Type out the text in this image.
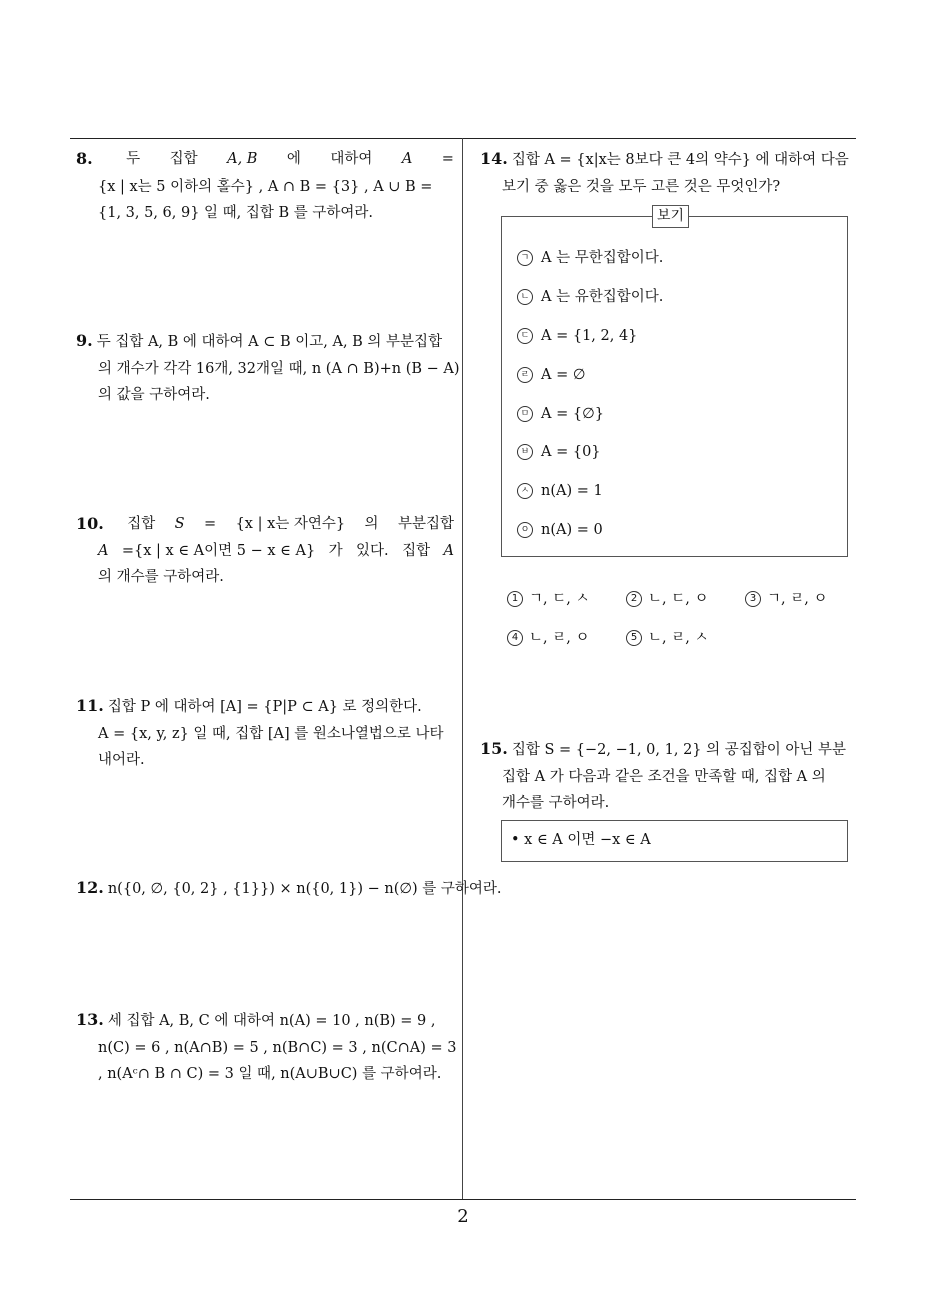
8. 두 집합 A, B 에 대하여 A =
{x | x는 5 이하의 홀수} , A ∩ B = {3} , A ∪ B =
{1, 3, 5, 6, 9} 일 때, 집합 B 를 구하여라.
9. 두 집합 A, B 에 대하여 A ⊂ B 이고, A, B 의 부분집합
의 개수가 각각 16개, 32개일 때, n (A ∩ B)+n (B − A)
의 값을 구하여라.
10. 집합 S = {x | x는 자연수} 의 부분집합
A ={x | x ∈ A이면 5 − x ∈ A} 가 있다. 집합 A
의 개수를 구하여라.
11. 집합 P 에 대하여 [A] = {P|P ⊂ A} 로 정의한다.
A = {x, y, z} 일 때, 집합 [A] 를 원소나열법으로 나타
내어라.
12. n({0, ∅, {0, 2} , {1}}) × n({0, 1}) − n(∅) 를 구하여라.
13. 세 집합 A, B, C 에 대하여 n(A) = 10 , n(B) = 9 ,
n(C) = 6 , n(A∩B) = 5 , n(B∩C) = 3 , n(C∩A) = 3
, n(Aᶜ∩ B ∩ C) = 3 일 때, n(A∪B∪C) 를 구하여라.
14. 집합 A = {x|x는 8보다 큰 4의 약수} 에 대하여 다음
보기 중 옳은 것을 모두 고른 것은 무엇인가?
보기
ㄱ A 는 무한집합이다.
ㄴ A 는 유한집합이다.
ㄷ A = {1, 2, 4}
ㄹ A = ∅
ㅁ A = {∅}
ㅂ A = {0}
ㅅ n(A) = 1
ㅇ n(A) = 0
1 ㄱ, ㄷ, ㅅ	2 ㄴ, ㄷ, ㅇ	3 ㄱ, ㄹ, ㅇ
4 ㄴ, ㄹ, ㅇ	5 ㄴ, ㄹ, ㅅ
15. 집합 S = {−2, −1, 0, 1, 2} 의 공집합이 아닌 부분
집합 A 가 다음과 같은 조건을 만족할 때, 집합 A 의
개수를 구하여라.
• x ∈ A 이면 −x ∈ A
2
